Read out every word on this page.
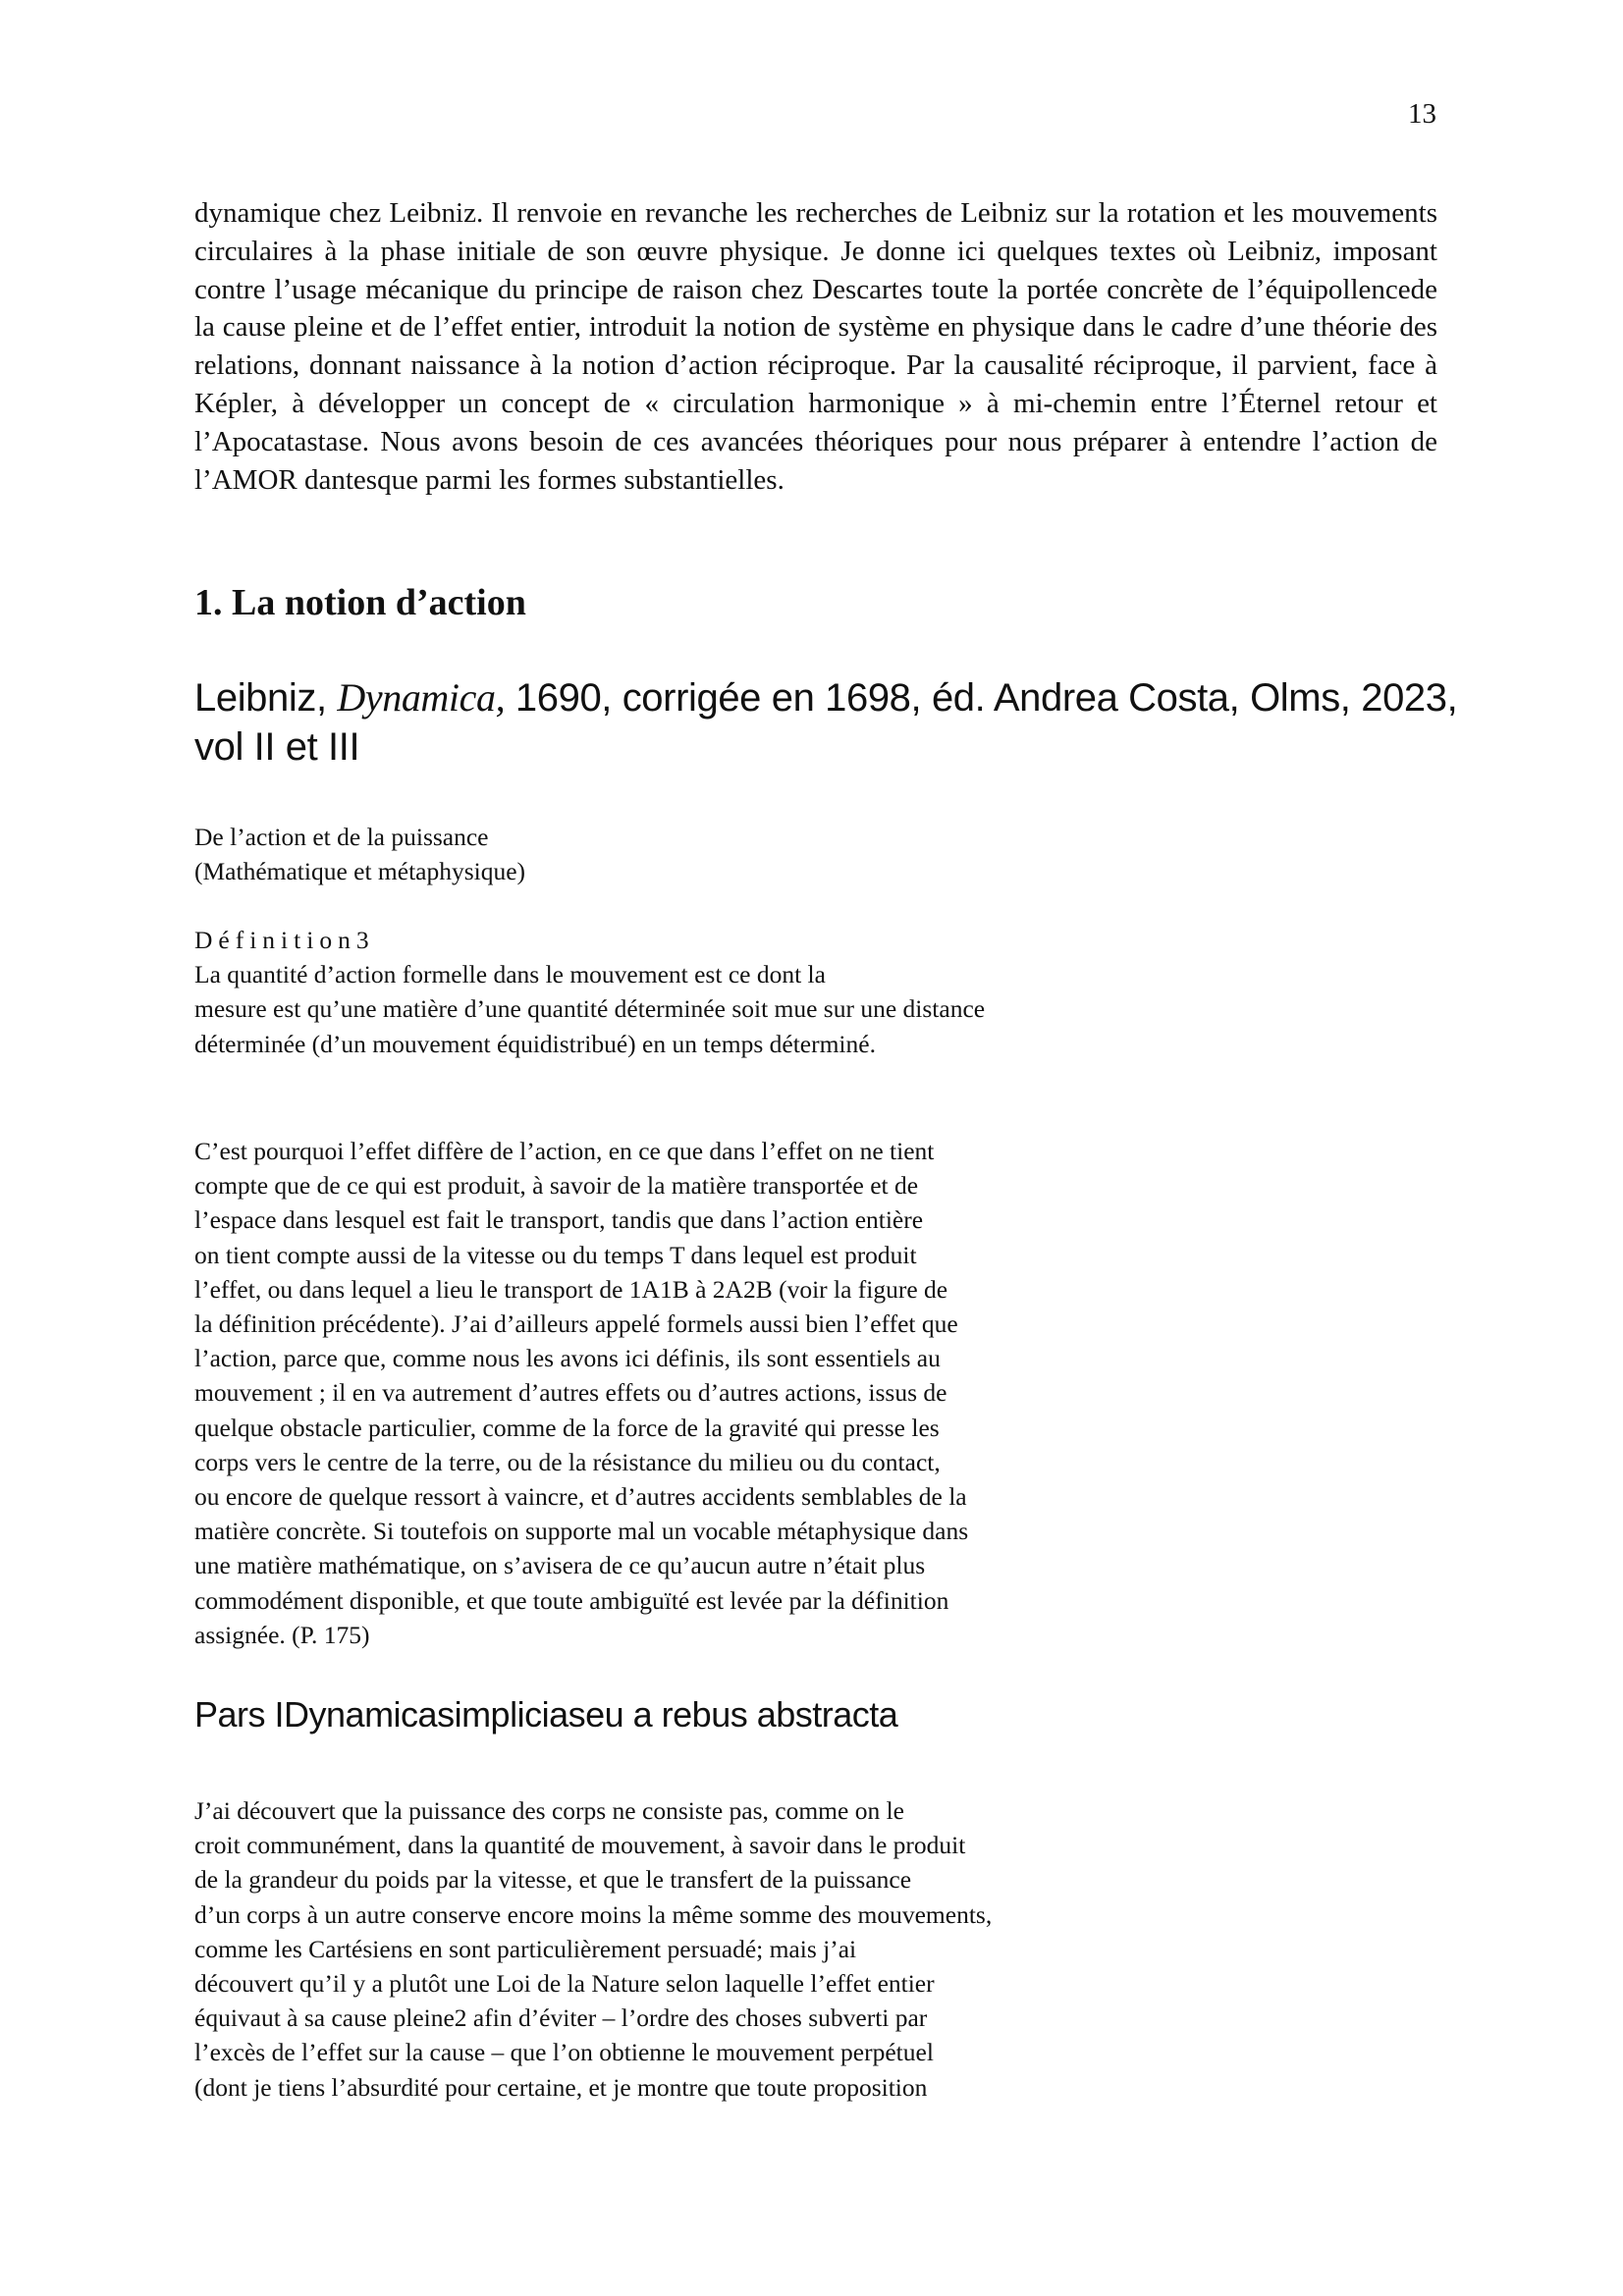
13

dynamique chez Leibniz. Il renvoie en revanche les recherches de Leibniz sur la rotation et les mouvements circulaires à la phase initiale de son œuvre physique. Je donne ici quelques textes où Leibniz, imposant contre l’usage mécanique du principe de raison chez Descartes toute la portée concrète de l’équipollencede la cause pleine et de l’effet entier, introduit la notion de système en physique dans le cadre d’une théorie des relations, donnant naissance à la notion d’action réciproque. Par la causalité réciproque, il parvient, face à Képler, à développer un concept de « circulation harmonique » à mi-chemin entre l’Éternel retour et l’Apocatastase. Nous avons besoin de ces avancées théoriques pour nous préparer à entendre l’action de l’AMOR dantesque parmi les formes substantielles.

1. La notion d’action
Leibniz, Dynamica, 1690, corrigée en 1698, éd. Andrea Costa, Olms, 2023, vol II et III
De l’action et de la puissance
(Mathématique et métaphysique)
Définition3
La quantité d’action formelle dans le mouvement est ce dont la
mesure est qu’une matière d’une quantité déterminée soit mue sur une distance
déterminée (d’un mouvement équidistribué) en un temps déterminé.
C’est pourquoi l’effet diffère de l’action, en ce que dans l’effet on ne tient
compte que de ce qui est produit, à savoir de la matière transportée et de
l’espace dans lesquel est fait le transport, tandis que dans l’action entière
on tient compte aussi de la vitesse ou du temps T dans lequel est produit
l’effet, ou dans lequel a lieu le transport de 1A1B à 2A2B (voir la figure de
la définition précédente). J’ai d’ailleurs appelé formels aussi bien l’effet que
l’action, parce que, comme nous les avons ici définis, ils sont essentiels au
mouvement ; il en va autrement d’autres effets ou d’autres actions, issus de
quelque obstacle particulier, comme de la force de la gravité qui presse les
corps vers le centre de la terre, ou de la résistance du milieu ou du contact,
ou encore de quelque ressort à vaincre, et d’autres accidents semblables de la
matière concrète. Si toutefois on supporte mal un vocable métaphysique dans
une matière mathématique, on s’avisera de ce qu’aucun autre n’était plus
commodément disponible, et que toute ambiguïté est levée par la définition
assignée. (P. 175)
Pars IDynamicasimpliciaseu a rebus abstracta
J’ai découvert que la puissance des corps ne consiste pas, comme on le
croit communément, dans la quantité de mouvement, à savoir dans le produit
de la grandeur du poids par la vitesse, et que le transfert de la puissance
d’un corps à un autre conserve encore moins la même somme des mouvements,
comme les Cartésiens en sont particulièrement persuadé; mais j’ai
découvert qu’il y a plutôt une Loi de la Nature selon laquelle l’effet entier
équivaut à sa cause pleine2 afin d’éviter – l’ordre des choses subverti par
l’excès de l’effet sur la cause – que l’on obtienne le mouvement perpétuel
(dont je tiens l’absurdité pour certaine, et je montre que toute proposition
